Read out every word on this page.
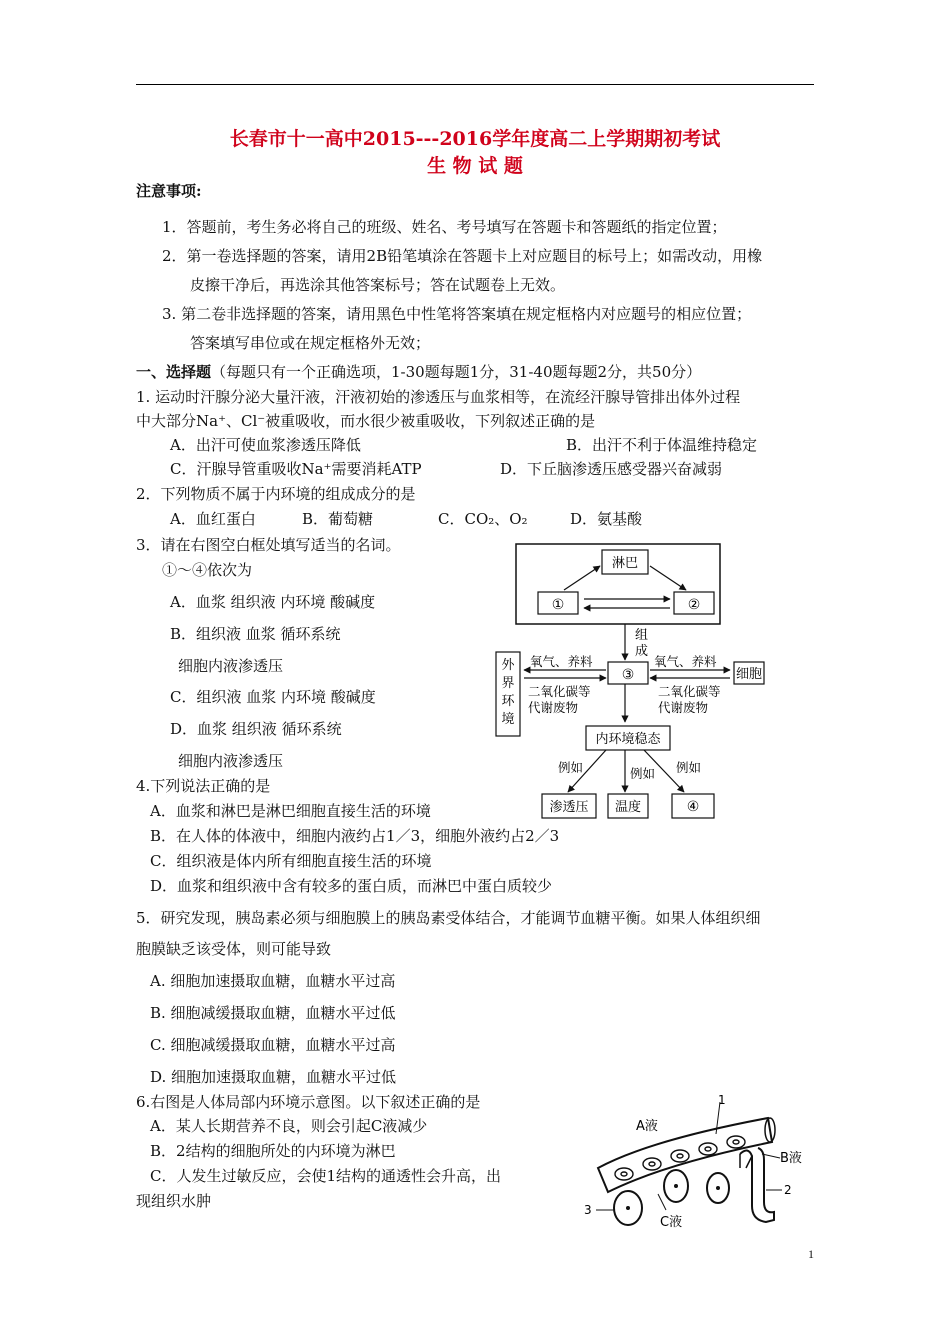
长春市十一高中2015---2016学年度高二上学期期初考试
生 物 试 题
注意事项:
1．答题前，考生务必将自己的班级、姓名、考号填写在答题卡和答题纸的指定位置；
2．第一卷选择题的答案，请用2B铅笔填涂在答题卡上对应题目的标号上；如需改动，用橡
皮擦干净后，再选涂其他答案标号；答在试题卷上无效。
3. 第二卷非选择题的答案，请用黑色中性笔将答案填在规定框格内对应题号的相应位置；
答案填写串位或在规定框格外无效；
一、选择题（每题只有一个正确选项，1-30题每题1分，31-40题每题2分，共50分）
1. 运动时汗腺分泌大量汗液，汗液初始的渗透压与血浆相等，在流经汗腺导管排出体外过程
中大部分Na⁺、Cl⁻被重吸收，而水很少被重吸收，下列叙述正确的是
A．出汗可使血浆渗透压降低	B．出汗不利于体温维持稳定
C．汗腺导管重吸收Na⁺需要消耗ATP	D．下丘脑渗透压感受器兴奋减弱
2．下列物质不属于内环境的组成成分的是
A．血红蛋白	B．葡萄糖	C．CO₂、O₂	D．氨基酸
3．请在右图空白框处填写适当的名词。
①～④依次为
A．血浆 组织液 内环境 酸碱度
B．组织液 血浆 循环系统
细胞内液渗透压
C．组织液 血浆 内环境 酸碱度
D．血浆 组织液 循环系统
细胞内液渗透压
淋巴
①	②
组
成
③
外
界
环
境
氧气、养料
二氧化碳等
代谢废物
氧气、养料
二氧化碳等
代谢废物
细胞
内环境稳态
例如	例如 例如
渗透压 温度	④
4.下列说法正确的是
A．血浆和淋巴是淋巴细胞直接生活的环境
B．在人体的体液中，细胞内液约占1／3，细胞外液约占2／3
C．组织液是体内所有细胞直接生活的环境
D．血浆和组织液中含有较多的蛋白质，而淋巴中蛋白质较少
5．研究发现，胰岛素必须与细胞膜上的胰岛素受体结合，才能调节血糖平衡。如果人体组织细
胞膜缺乏该受体，则可能导致
A. 细胞加速摄取血糖，血糖水平过高
B. 细胞减缓摄取血糖，血糖水平过低
C. 细胞减缓摄取血糖，血糖水平过高
D. 细胞加速摄取血糖，血糖水平过低
6.右图是人体局部内环境示意图。以下叙述正确的是
A．某人长期营养不良，则会引起C液减少
B．2结构的细胞所处的内环境为淋巴
C．人发生过敏反应，会使1结构的通透性会升高，出
现组织水肿
A液
1
B液
2
3
C液
1
